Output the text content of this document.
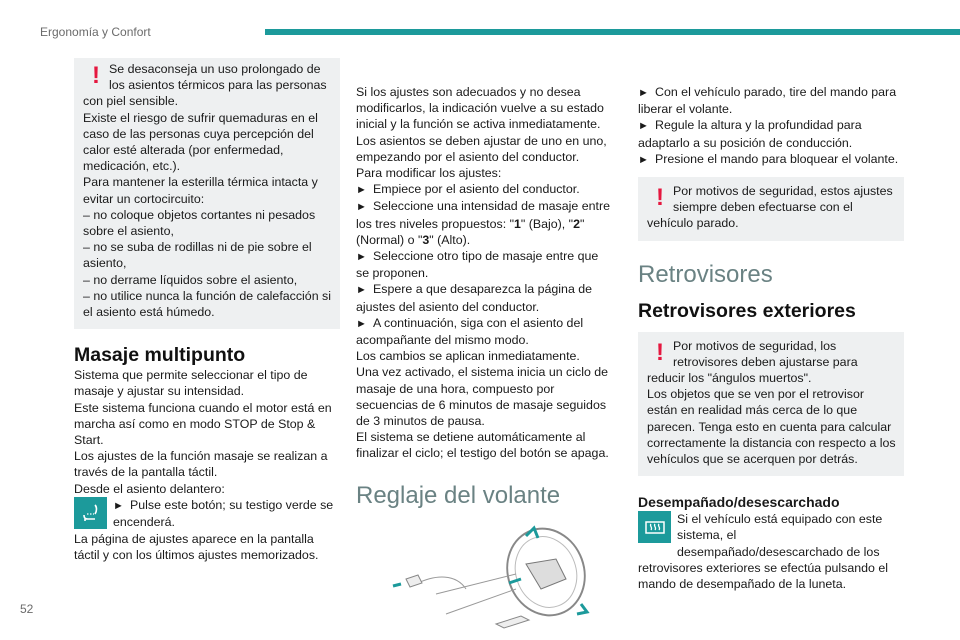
Ergonomía y Confort
! Se desaconseja un uso prolongado de los asientos térmicos para las personas con piel sensible.

Existe el riesgo de sufrir quemaduras en el caso de las personas cuya percepción del calor esté alterada (por enfermedad, medicación, etc.).

Para mantener la esterilla térmica intacta y evitar un cortocircuito:

– no coloque objetos cortantes ni pesados sobre el asiento,

– no se suba de rodillas ni de pie sobre el asiento,

– no derrame líquidos sobre el asiento,

– no utilice nunca la función de calefacción si el asiento está húmedo.

Masaje multipunto

Sistema que permite seleccionar el tipo de masaje y ajustar su intensidad.

Este sistema funciona cuando el motor está en marcha así como en modo STOP de Stop & Start.

Los ajustes de la función masaje se realizan a través de la pantalla táctil.

Desde el asiento delantero:

►  Pulse este botón; su testigo verde se encenderá.

La página de ajustes aparece en la pantalla táctil y con los últimos ajustes memorizados.

Si los ajustes son adecuados y no desea modificarlos, la indicación vuelve a su estado inicial y la función se activa inmediatamente.

Los asientos se deben ajustar de uno en uno, empezando por el asiento del conductor.

Para modificar los ajustes:

►  Empiece por el asiento del conductor.

►  Seleccione una intensidad de masaje entre los tres niveles propuestos: "1" (Bajo), "2" (Normal) o "3" (Alto).

►  Seleccione otro tipo de masaje entre que se proponen.

►  Espere a que desaparezca la página de ajustes del asiento del conductor.

►  A continuación, siga con el asiento del acompañante del mismo modo.

Los cambios se aplican inmediatamente.

Una vez activado, el sistema inicia un ciclo de masaje de una hora, compuesto por secuencias de 6 minutos de masaje seguidos de 3 minutos de pausa.

El sistema se detiene automáticamente al finalizar el ciclo; el testigo del botón se apaga.

Reglaje del volante

►  Con el vehículo parado, tire del mando para liberar el volante.

►  Regule la altura y la profundidad para adaptarlo a su posición de conducción.

►  Presione el mando para bloquear el volante.

! Por motivos de seguridad, estos ajustes siempre deben efectuarse con el vehículo parado.

Retrovisores
Retrovisores exteriores
! Por motivos de seguridad, los retrovisores deben ajustarse para reducir los "ángulos muertos".

Los objetos que se ven por el retrovisor están en realidad más cerca de lo que parecen. Tenga esto en cuenta para calcular correctamente la distancia con respecto a los vehículos que se acerquen por detrás.

Desempañado/desescarchado

Si el vehículo está equipado con este sistema, el desempañado/desescarchado de los retrovisores exteriores se efectúa pulsando el mando de desempañado de la luneta.

52
